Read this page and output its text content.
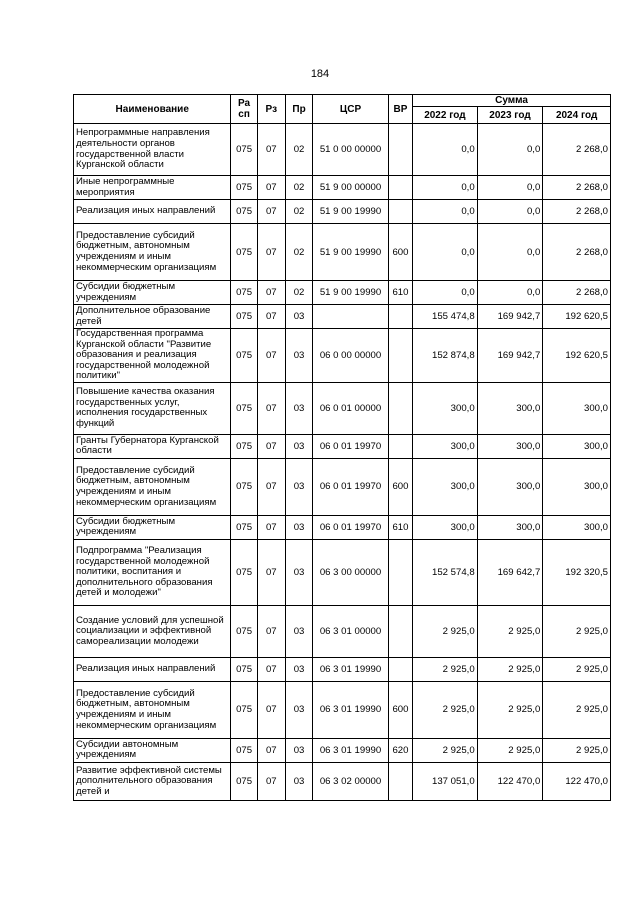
184
Наименование	Ра сп	Рз	Пр	ЦСР	ВР	Сумма		
						2022 год	2023 год	2024 год
Непрограммные направления деятельности органов государственной власти Курганской области	075	07	02	51 0 00 00000		0,0	0,0	2 268,0
Иные непрограммные мероприятия	075	07	02	51 9 00 00000		0,0	0,0	2 268,0
Реализация иных направлений	075	07	02	51 9 00 19990		0,0	0,0	2 268,0
Предоставление субсидий бюджетным, автономным учреждениям и иным некоммерческим организациям	075	07	02	51 9 00 19990	600	0,0	0,0	2 268,0
Субсидии бюджетным учреждениям	075	07	02	51 9 00 19990	610	0,0	0,0	2 268,0
Дополнительное образование детей	075	07	03			155 474,8	169 942,7	192 620,5
Государственная программа Курганской области "Развитие образования и реализация государственной молодежной политики"	075	07	03	06 0 00 00000		152 874,8	169 942,7	192 620,5
Повышение качества оказания государственных услуг, исполнения государственных функций	075	07	03	06 0 01 00000		300,0	300,0	300,0
Гранты Губернатора Курганской области	075	07	03	06 0 01 19970		300,0	300,0	300,0
Предоставление субсидий бюджетным, автономным учреждениям и иным некоммерческим организациям	075	07	03	06 0 01 19970	600	300,0	300,0	300,0
Субсидии бюджетным учреждениям	075	07	03	06 0 01 19970	610	300,0	300,0	300,0
Подпрограмма "Реализация государственной молодежной политики, воспитания и дополнительного образования детей и молодежи"	075	07	03	06 3 00 00000		152 574,8	169 642,7	192 320,5
Создание условий для успешной социализации и эффективной самореализации молодежи	075	07	03	06 3 01 00000		2 925,0	2 925,0	2 925,0
Реализация иных направлений	075	07	03	06 3 01 19990		2 925,0	2 925,0	2 925,0
Предоставление субсидий бюджетным, автономным учреждениям и иным некоммерческим организациям	075	07	03	06 3 01 19990	600	2 925,0	2 925,0	2 925,0
Субсидии автономным учреждениям	075	07	03	06 3 01 19990	620	2 925,0	2 925,0	2 925,0
Развитие эффективной системы дополнительного образования детей и	075	07	03	06 3 02 00000		137 051,0	122 470,0	122 470,0
